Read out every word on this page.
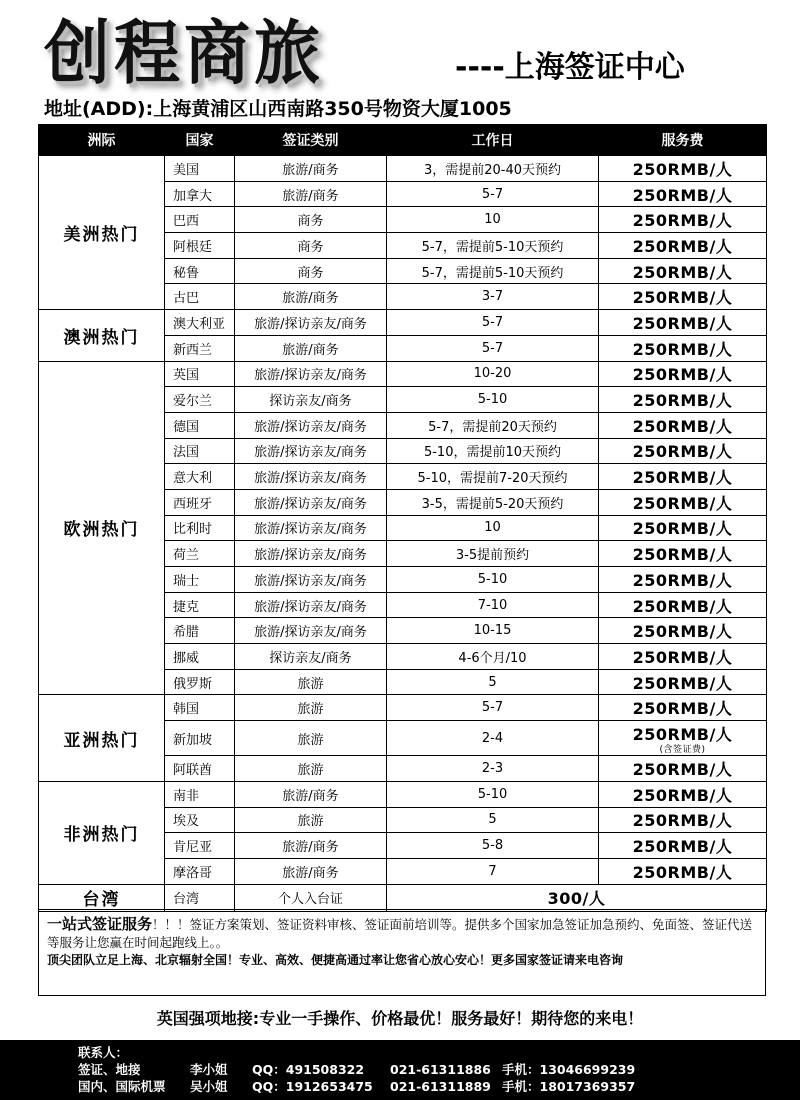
创程商旅	----上海签证中心
地址(ADD):上海黄浦区山西南路350号物资大厦1005
洲际	国家	签证类别	工作日	服务费
美洲热门	美国	旅游/商务	3，需提前20-40天预约	250RMB/人
	加拿大	旅游/商务	5-7	250RMB/人
	巴西	商务	10	250RMB/人
	阿根廷	商务	5-7，需提前5-10天预约	250RMB/人
	秘鲁	商务	5-7，需提前5-10天预约	250RMB/人
	古巴	旅游/商务	3-7	250RMB/人
澳洲热门	澳大利亚	旅游/探访亲友/商务	5-7	250RMB/人
	新西兰	旅游/商务	5-7	250RMB/人
欧洲热门	英国	旅游/探访亲友/商务	10-20	250RMB/人
	爱尔兰	探访亲友/商务	5-10	250RMB/人
	德国	旅游/探访亲友/商务	5-7，需提前20天预约	250RMB/人
	法国	旅游/探访亲友/商务	5-10，需提前10天预约	250RMB/人
	意大利	旅游/探访亲友/商务	5-10，需提前7-20天预约	250RMB/人
	西班牙	旅游/探访亲友/商务	3-5，需提前5-20天预约	250RMB/人
	比利时	旅游/探访亲友/商务	10	250RMB/人
	荷兰	旅游/探访亲友/商务	3-5提前预约	250RMB/人
	瑞士	旅游/探访亲友/商务	5-10	250RMB/人
	捷克	旅游/探访亲友/商务	7-10	250RMB/人
	希腊	旅游/探访亲友/商务	10-15	250RMB/人
	挪威	探访亲友/商务	4-6个月/10	250RMB/人
	俄罗斯	旅游	5	250RMB/人
亚洲热门	韩国	旅游	5-7	250RMB/人
	新加坡	旅游	2-4	250RMB/人
(含签证费)

	阿联酋	旅游	2-3	250RMB/人
非洲热门	南非	旅游/商务	5-10	250RMB/人
	埃及	旅游	5	250RMB/人
	肯尼亚	旅游/商务	5-8	250RMB/人
	摩洛哥	旅游/商务	7	250RMB/人
台湾	台湾	个人入台证	300/人	
一站式签证服务！！！签证方案策划、签证资料审核、签证面前培训等。提供多个国家加急签证加急预约、免面签、签证代送等服务让您赢在时间起跑线上。。
顶尖团队立足上海、北京辐射全国！专业、高效、便捷高通过率让您省心放心安心！更多国家签证请来电咨询
英国强项地接:专业一手操作、价格最优！服务最好！期待您的来电！
联系人：
签证、地接	李小姐 QQ：491508322 021-61311886 手机：13046699239
国内、国际机票 吴小姐 QQ：1912653475 021-61311889 手机：18017369357
